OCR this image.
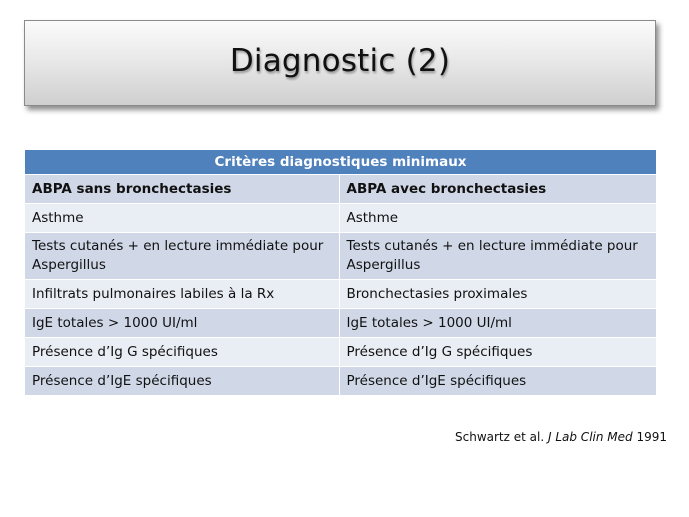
Diagnostic (2)
Critères diagnostiques minimaux	
ABPA sans bronchectasies	ABPA avec bronchectasies
Asthme	Asthme
Tests cutanés + en lecture immédiate pour Aspergillus	Tests cutanés + en lecture immédiate pour Aspergillus
Infiltrats pulmonaires labiles à la Rx	Bronchectasies proximales
IgE totales > 1000 UI/ml	IgE totales > 1000 UI/ml
Présence d’Ig G spécifiques	Présence d’Ig G spécifiques
Présence d’IgE spécifiques	Présence d’IgE spécifiques
Schwartz et al. J Lab Clin Med 1991
